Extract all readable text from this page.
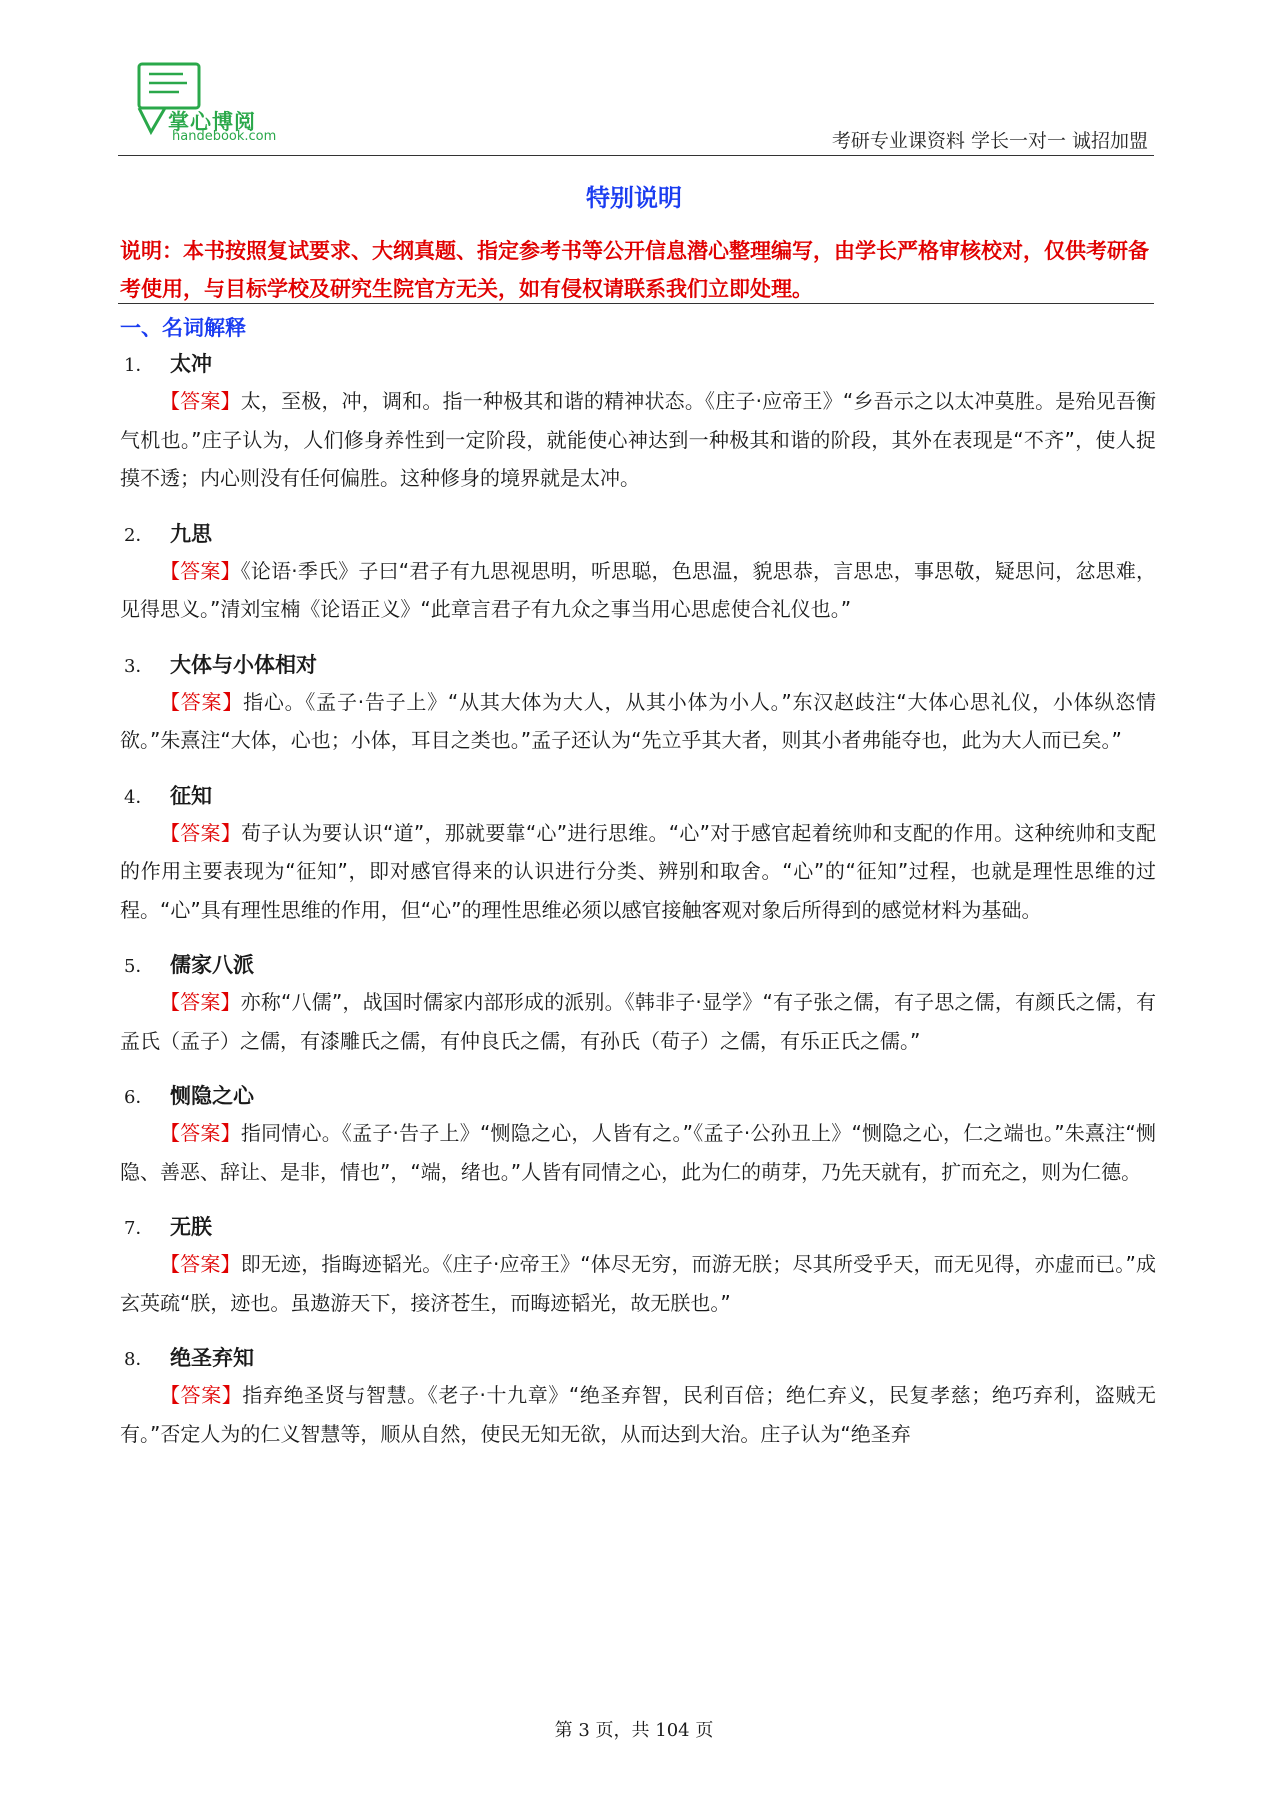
掌心博阅
handebook.com	考研专业课资料 学长一对一 诚招加盟
特别说明

说明：本书按照复试要求、大纲真题、指定参考书等公开信息潜心整理编写，由学长严格审核校对，仅供考研备考使用，与目标学校及研究生院官方无关，如有侵权请联系我们立即处理。

一、名词解释
1． 太冲

【答案】太，至极，冲，调和。指一种极其和谐的精神状态。《庄子·应帝王》“乡吾示之以太冲莫胜。是殆见吾衡气机也。”庄子认为，人们修身养性到一定阶段，就能使心神达到一种极其和谐的阶段，其外在表现是“不齐”，使人捉摸不透；内心则没有任何偏胜。这种修身的境界就是太冲。

2． 九思

【答案】《论语·季氏》子曰“君子有九思视思明，听思聪，色思温，貌思恭，言思忠，事思敬，疑思问，忿思难，见得思义。”清刘宝楠《论语正义》“此章言君子有九众之事当用心思虑使合礼仪也。”

3． 大体与小体相对

【答案】指心。《孟子·告子上》“从其大体为大人，从其小体为小人。”东汉赵歧注“大体心思礼仪，小体纵恣情欲。”朱熹注“大体，心也；小体，耳目之类也。”孟子还认为“先立乎其大者，则其小者弗能夺也，此为大人而已矣。”

4． 征知

【答案】荀子认为要认识“道”，那就要靠“心”进行思维。“心”对于感官起着统帅和支配的作用。这种统帅和支配的作用主要表现为“征知”，即对感官得来的认识进行分类、辨别和取舍。“心”的“征知”过程，也就是理性思维的过程。“心”具有理性思维的作用，但“心”的理性思维必须以感官接触客观对象后所得到的感觉材料为基础。

5． 儒家八派

【答案】亦称“八儒”，战国时儒家内部形成的派别。《韩非子·显学》“有子张之儒，有子思之儒，有颜氏之儒，有孟氏（孟子）之儒，有漆雕氏之儒，有仲良氏之儒，有孙氏（荀子）之儒，有乐正氏之儒。”

6． 恻隐之心

【答案】指同情心。《孟子·告子上》“恻隐之心，人皆有之。”《孟子·公孙丑上》“恻隐之心，仁之端也。”朱熹注“恻隐、善恶、辞让、是非，情也”，“端，绪也。”人皆有同情之心，此为仁的萌芽，乃先天就有，扩而充之，则为仁德。

7． 无朕

【答案】即无迹，指晦迹韬光。《庄子·应帝王》“体尽无穷，而游无朕；尽其所受乎天，而无见得，亦虚而已。”成玄英疏“朕，迹也。虽遨游天下，接济苍生，而晦迹韬光，故无朕也。”

8． 绝圣弃知

【答案】指弃绝圣贤与智慧。《老子·十九章》“绝圣弃智，民利百倍；绝仁弃义，民复孝慈；绝巧弃利，盗贼无有。”否定人为的仁义智慧等，顺从自然，使民无知无欲，从而达到大治。庄子认为“绝圣弃

第 3 页，共 104 页
